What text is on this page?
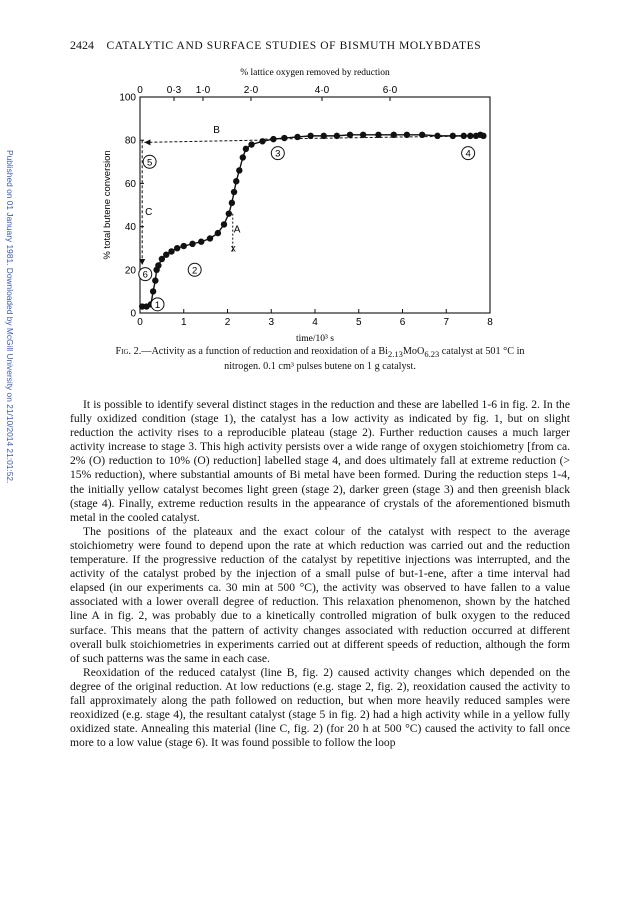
Published on 01 January 1981. Downloaded by McGill University on 21/10/2014 21:01:52.
2424 CATALYTIC AND SURFACE STUDIES OF BISMUTH MOLYBDATES
0 0·3 1·0	2·0	4·0	6·0
% lattice oxygen removed by reduction
0	1	2	3	4	5	6	7	8
time/10³ s
0
20
40
60
80
100
% total butene conversion
1
2
3	4
5
6
A
B
C
x
Fig. 2.—Activity as a function of reduction and reoxidation of a $Bi_{2.13}MoO_{6.23}$ catalyst at 501 °C in
nitrogen. 0.1 cm³ pulses butene on 1 g catalyst.

It is possible to identify several distinct stages in the reduction and these are labelled 1-6 in fig. 2. In the fully oxidized condition (stage 1), the catalyst has a low activity as indicated by fig. 1, but on slight reduction the activity rises to a reproducible plateau (stage 2). Further reduction causes a much larger activity increase to stage 3. This high activity persists over a wide range of oxygen stoichiometry [from ca. 2% (O) reduction to 10% (O) reduction] labelled stage 4, and does ultimately fall at extreme reduction (> 15% reduction), where substantial amounts of Bi metal have been formed. During the reduction steps 1-4, the initially yellow catalyst becomes light green (stage 2), darker green (stage 3) and then greenish black (stage 4). Finally, extreme reduction results in the appearance of crystals of the aforementioned bismuth metal in the cooled catalyst.

The positions of the plateaux and the exact colour of the catalyst with respect to the average stoichiometry were found to depend upon the rate at which reduction was carried out and the reduction temperature. If the progressive reduction of the catalyst by repetitive injections was interrupted, and the activity of the catalyst probed by the injection of a small pulse of but-1-ene, after a time interval had elapsed (in our experiments ca. 30 min at 500 °C), the activity was observed to have fallen to a value associated with a lower overall degree of reduction. This relaxation phenomenon, shown by the hatched line A in fig. 2, was probably due to a kinetically controlled migration of bulk oxygen to the reduced surface. This means that the pattern of activity changes associated with reduction occurred at different overall bulk stoichiometries in experiments carried out at different speeds of reduction, although the form of such patterns was the same in each case.

Reoxidation of the reduced catalyst (line B, fig. 2) caused activity changes which depended on the degree of the original reduction. At low reductions (e.g. stage 2, fig. 2), reoxidation caused the activity to fall approximately along the path followed on reduction, but when more heavily reduced samples were reoxidized (e.g. stage 4), the resultant catalyst (stage 5 in fig. 2) had a high activity while in a yellow fully oxidized state. Annealing this material (line C, fig. 2) (for 20 h at 500 °C) caused the activity to fall once more to a low value (stage 6). It was found possible to follow the loop
